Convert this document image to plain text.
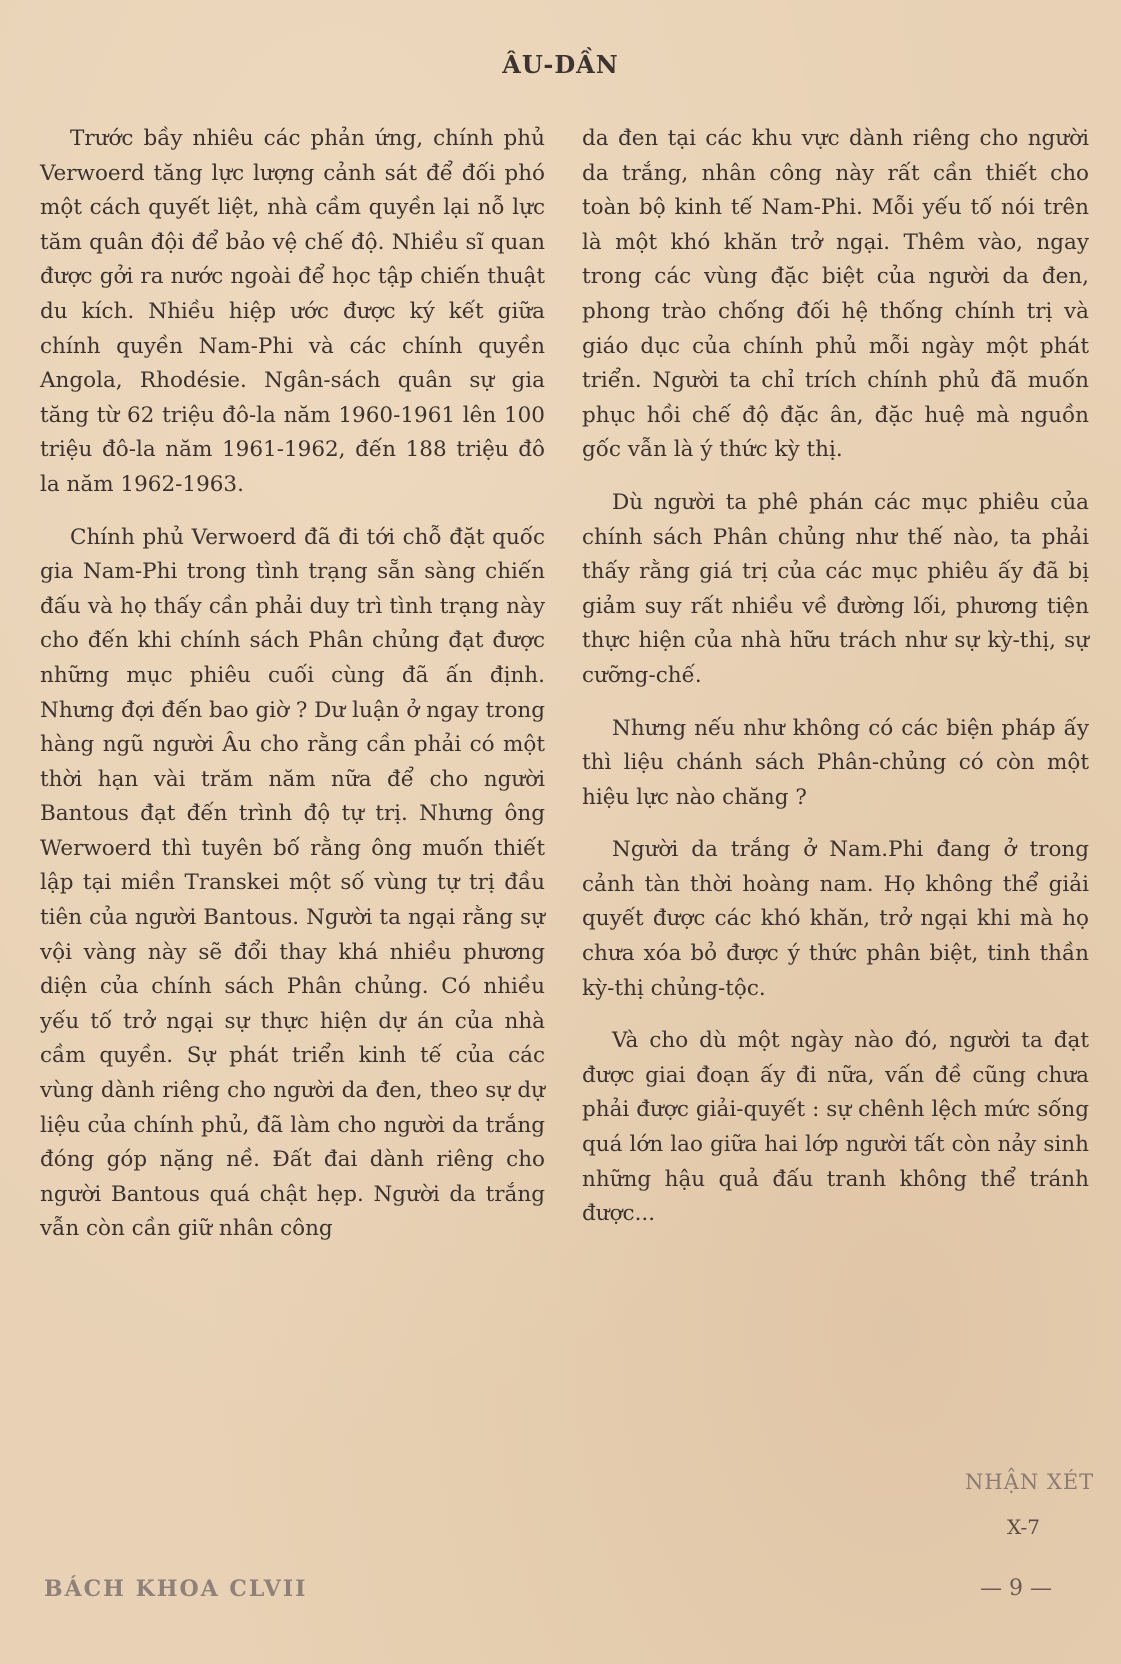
ÂU-DẦN

Trước bầy nhiêu các phản ứng, chính phủ Verwoerd tăng lực lượng cảnh sát để đối phó một cách quyết liệt, nhà cầm quyền lại nỗ lực tăm quân đội để bảo vệ chế độ. Nhiều sĩ quan được gởi ra nước ngoài để học tập chiến thuật du kích. Nhiều hiệp ước được ký kết giữa chính quyền Nam-Phi và các chính quyền Angola, Rhodésie. Ngân-sách quân sự gia tăng từ 62 triệu đô-la năm 1960-1961 lên 100 triệu đô-la năm 1961-1962, đến 188 triệu đô la năm 1962-1963.

Chính phủ Verwoerd đã đi tới chỗ đặt quốc gia Nam-Phi trong tình trạng sẵn sàng chiến đấu và họ thấy cần phải duy trì tình trạng này cho đến khi chính sách Phân chủng đạt được những mục phiêu cuối cùng đã ấn định. Nhưng đợi đến bao giờ ? Dư luận ở ngay trong hàng ngũ người Âu cho rằng cần phải có một thời hạn vài trăm năm nữa để cho người Bantous đạt đến trình độ tự trị. Nhưng ông Werwoerd thì tuyên bố rằng ông muốn thiết lập tại miền Transkei một số vùng tự trị đầu tiên của người Bantous. Người ta ngại rằng sự vội vàng này sẽ đổi thay khá nhiều phương diện của chính sách Phân chủng. Có nhiều yếu tố trở ngại sự thực hiện dự án của nhà cầm quyền. Sự phát triển kinh tế của các vùng dành riêng cho người da đen, theo sự dự liệu của chính phủ, đã làm cho người da trắng đóng góp nặng nề. Đất đai dành riêng cho người Bantous quá chật hẹp. Người da trắng vẫn còn cần giữ nhân công

da đen tại các khu vực dành riêng cho người da trắng, nhân công này rất cần thiết cho toàn bộ kinh tế Nam-Phi. Mỗi yếu tố nói trên là một khó khăn trở ngại. Thêm vào, ngay trong các vùng đặc biệt của người da đen, phong trào chống đối hệ thống chính trị và giáo dục của chính phủ mỗi ngày một phát triển. Người ta chỉ trích chính phủ đã muốn phục hồi chế độ đặc ân, đặc huệ mà nguồn gốc vẫn là ý thức kỳ thị.

Dù người ta phê phán các mục phiêu của chính sách Phân chủng như thế nào, ta phải thấy rằng giá trị của các mục phiêu ấy đã bị giảm suy rất nhiều về đường lối, phương tiện thực hiện của nhà hữu trách như sự kỳ-thị, sự cưỡng-chế.

Nhưng nếu như không có các biện pháp ấy thì liệu chánh sách Phân-chủng có còn một hiệu lực nào chăng ?

Người da trắng ở Nam.Phi đang ở trong cảnh tàn thời hoàng nam. Họ không thể giải quyết được các khó khăn, trở ngại khi mà họ chưa xóa bỏ được ý thức phân biệt, tinh thần kỳ-thị chủng-tộc.

Và cho dù một ngày nào đó, người ta đạt được giai đoạn ấy đi nữa, vấn đề cũng chưa phải được giải-quyết : sự chênh lệch mức sống quá lớn lao giữa hai lớp người tất còn nảy sinh những hậu quả đấu tranh không thể tránh được...

NHẬN XÉT
X-7
BÁCH KHOA CLVII	— 9 —
